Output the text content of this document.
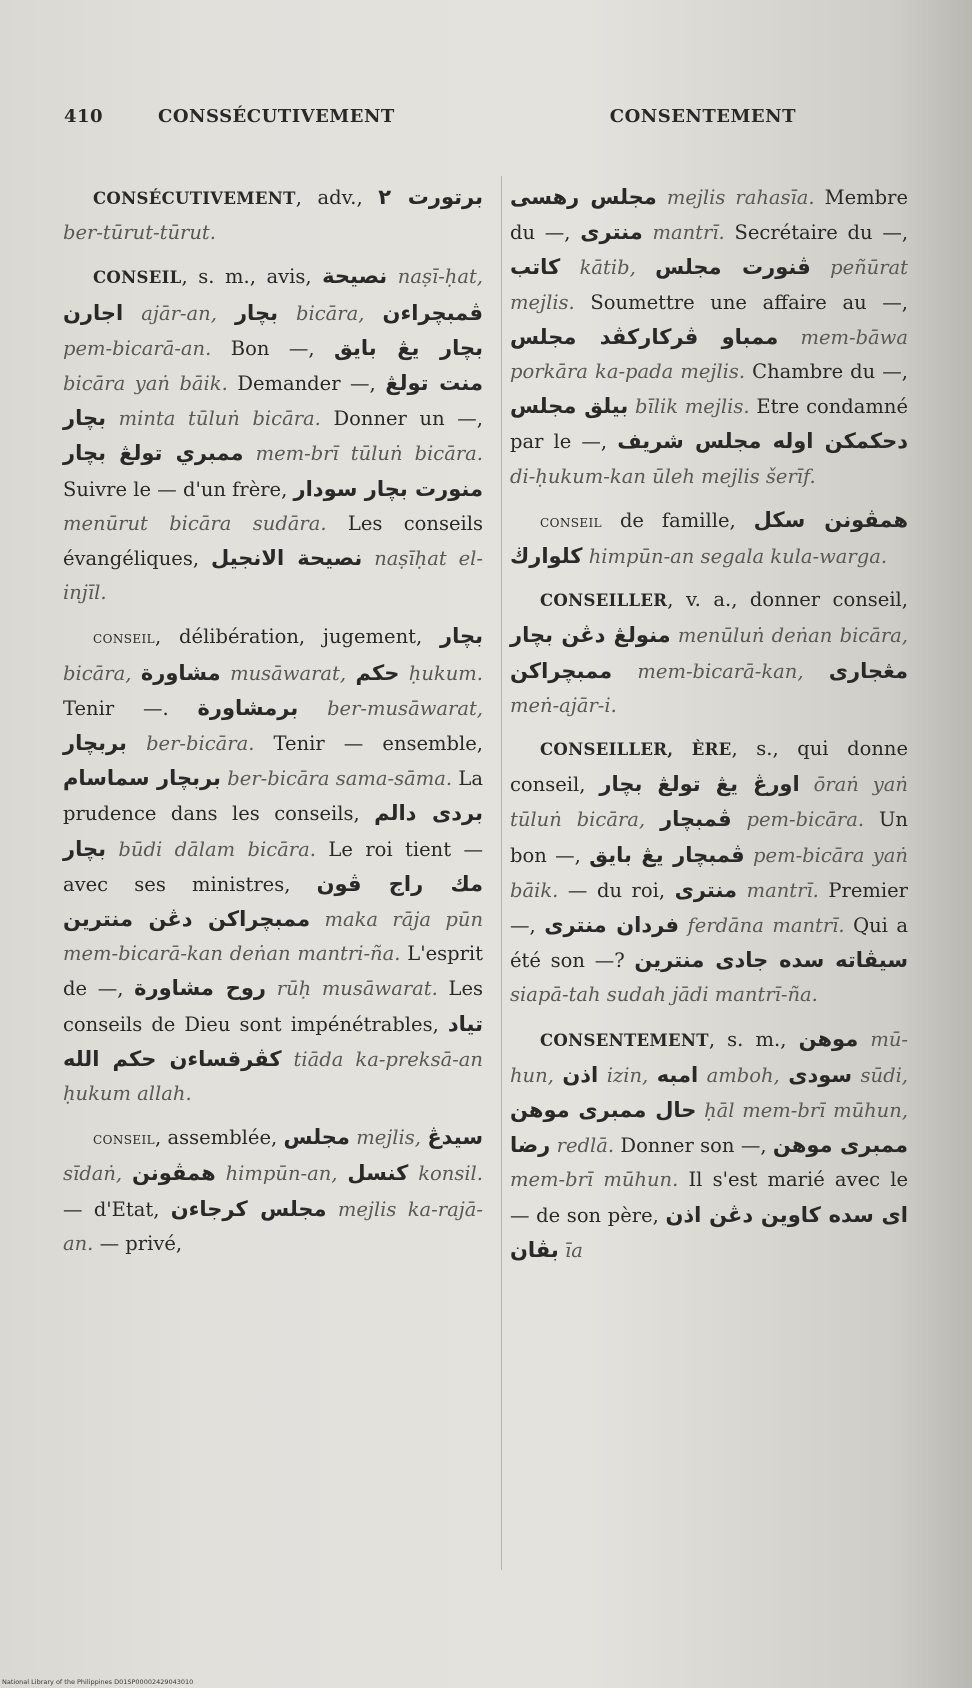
410	CONSSÉCUTIVEMENT	CONSENTEMENT

CONSÉCUTIVEMENT, adv., برتورت ٢ ber-tūrut-tūrut.

CONSEIL, s. m., avis, نصيحة naṣī-ḥat, اجارن ajār-an, بچار bicāra, ڤمبچراءن pem-bicarā-an. Bon —, بچار يڠ بايق bicāra yaṅ bāik. Demander —, منت تولڠ بچار minta tūluṅ bicāra. Donner un —, ممبري تولڠ بچار mem-brī tūluṅ bicāra. Suivre le — d'un frère, منورت بچار سودار menūrut bicāra sudāra. Les conseils évangéliques, نصيحة الانجيل naṣīḥat el-injīl.

conseil, délibération, jugement, بچار bicāra, مشاورة musāwarat, حکم ḥukum. Tenir —. برمشاورة ber-musāwarat, بربچار ber-bicāra. Tenir — ensemble, بربچار سماسام ber-bicāra sama-sāma. La prudence dans les conseils, بردی دالم بچار būdi dālam bicāra. Le roi tient — avec ses ministres, مك راج ڤون ممبچراکن دڠن منترين maka rāja pūn mem-bicarā-kan deṅan mantri-ña. L'esprit de —, روح مشاورة rūḥ musāwarat. Les conseils de Dieu sont impénétrables, تياد کڤرقساءن حکم الله tiāda ka-preksā-an ḥukum allah.

conseil, assemblée, مجلس mejlis, سيدڠ sīdaṅ, همڤونن himpūn-an, کنسل konsil. — d'Etat, مجلس کرجاءن mejlis ka-rajā-an. — privé,

مجلس رهسی mejlis rahasīa. Membre du —, منتری mantrī. Secrétaire du —, کاتب kātib, ڤنورت مجلس peñūrat mejlis. Soumettre une affaire au —, ممباو ڤرکارکڤد مجلس mem-bāwa porkāra ka-pada mejlis. Chambre du —, بيلق مجلس bīlik mejlis. Etre condamné par le —, دحکمکن اوله مجلس شريف di-ḥukum-kan ūleh mejlis šerīf.

conseil de famille, همڤونن سکل کلوارڬ himpūn-an segala kula-warga.

CONSEILLER, v. a., donner conseil, منولڠ دڠن بچار menūluṅ deṅan bicāra, ممبچراکن mem-bicarā-kan, مڠجاری meṅ-ajār-i.

CONSEILLER, ÈRE, s., qui donne conseil, اورڠ يڠ تولڠ بچار ōraṅ yaṅ tūluṅ bicāra, ڤمبچار pem-bicāra. Un bon —, ڤمبچار يڠ بايق pem-bicāra yaṅ bāik. — du roi, منتری mantrī. Premier —, فردان منتری ferdāna mantrī. Qui a été son —? سيڤاته سده جادی منترين siapā-tah sudah jādi mantrī-ña.

CONSENTEMENT, s. m., موهن mū-hun, اذن izin, امبه amboh, سودی sūdi, حال ممبری موهن ḥāl mem-brī mūhun, رضا redlā. Donner son —, ممبری موهن mem-brī mūhun. Il s'est marié avec le — de son père, ای سده کاوين دڠن اذن بڤان īa

National Library of the Philippines D01SP00002429043010
